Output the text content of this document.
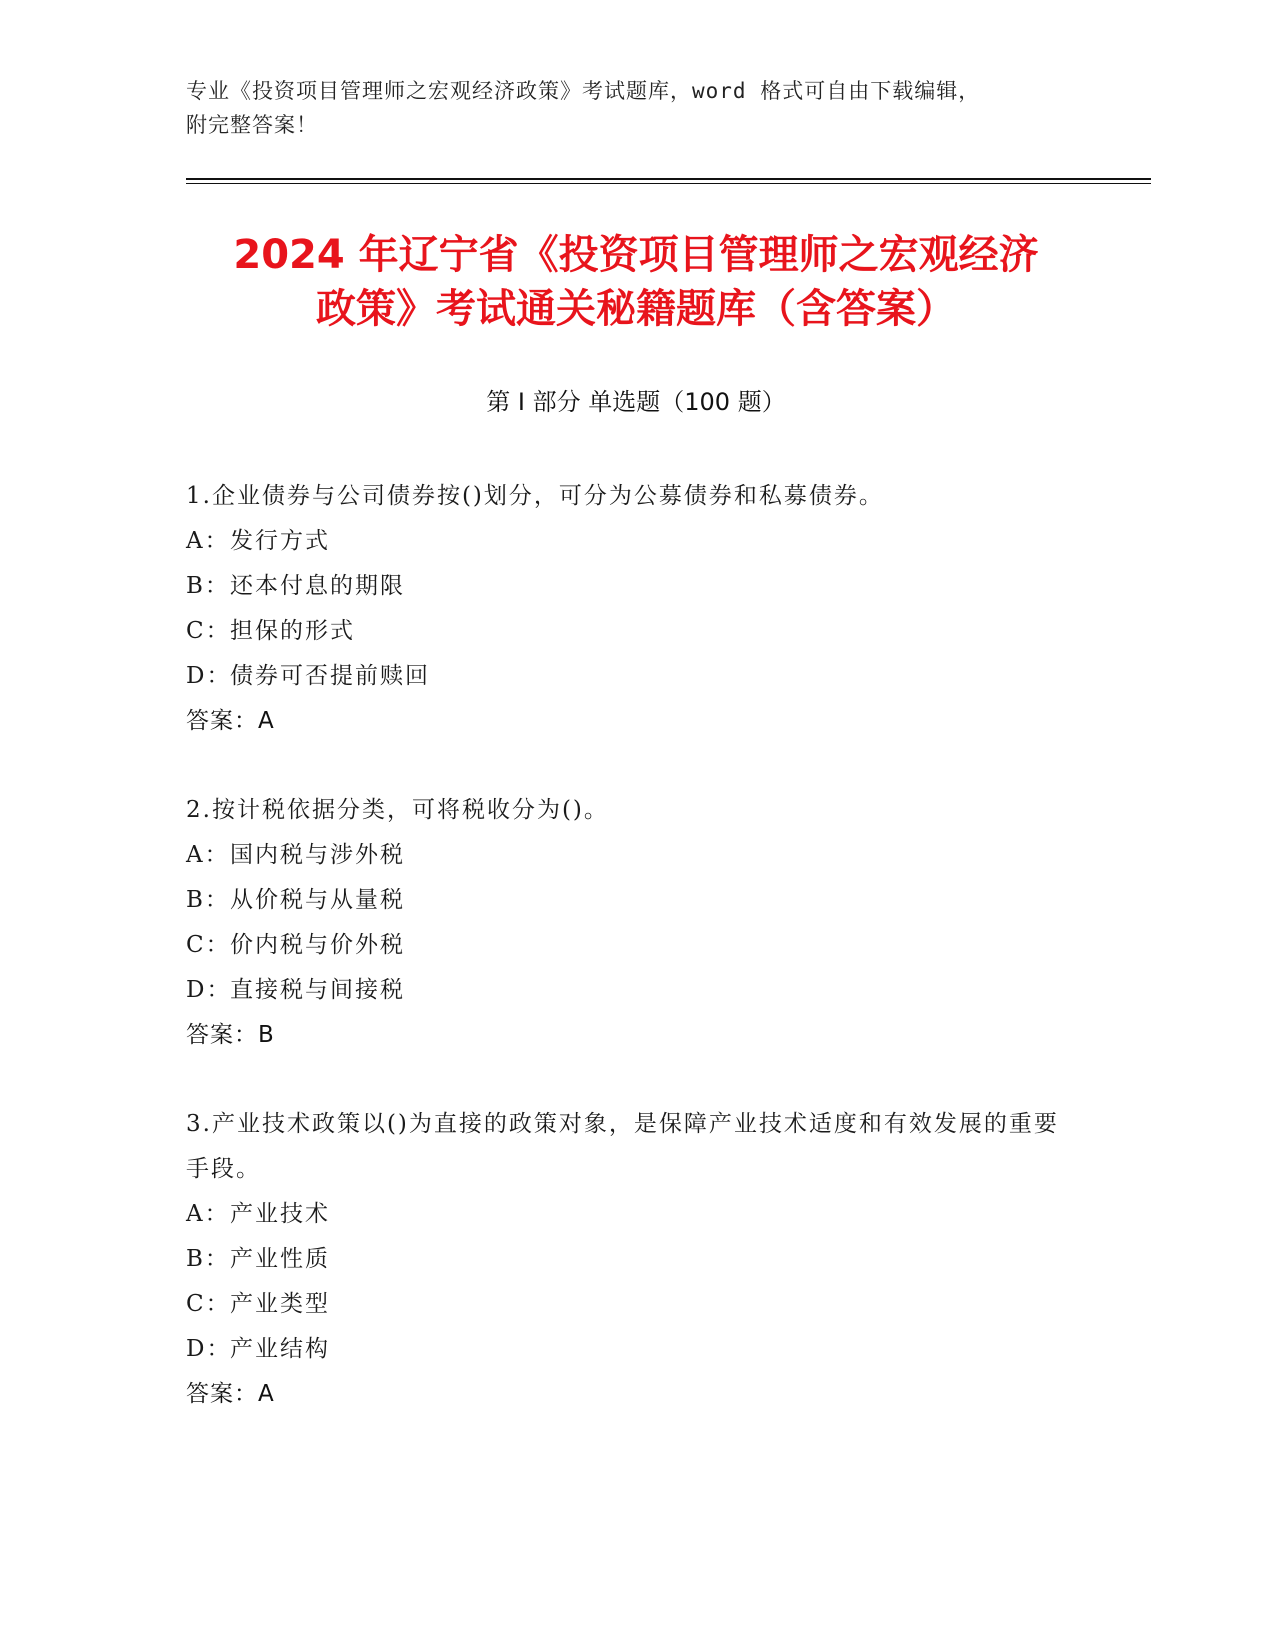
专业《投资项目管理师之宏观经济政策》考试题库，word 格式可自由下载编辑，
附完整答案！
2024 年辽宁省《投资项目管理师之宏观经济
政策》考试通关秘籍题库（含答案）
第 I 部分 单选题（100 题）
1.企业债券与公司债券按()划分，可分为公募债券和私募债券。
A：发行方式
B：还本付息的期限
C：担保的形式
D：债券可否提前赎回
答案：A
2.按计税依据分类，可将税收分为()。
A：国内税与涉外税
B：从价税与从量税
C：价内税与价外税
D：直接税与间接税
答案：B
3.产业技术政策以()为直接的政策对象，是保障产业技术适度和有效发展的重要手段。
A：产业技术
B：产业性质
C：产业类型
D：产业结构
答案：A
